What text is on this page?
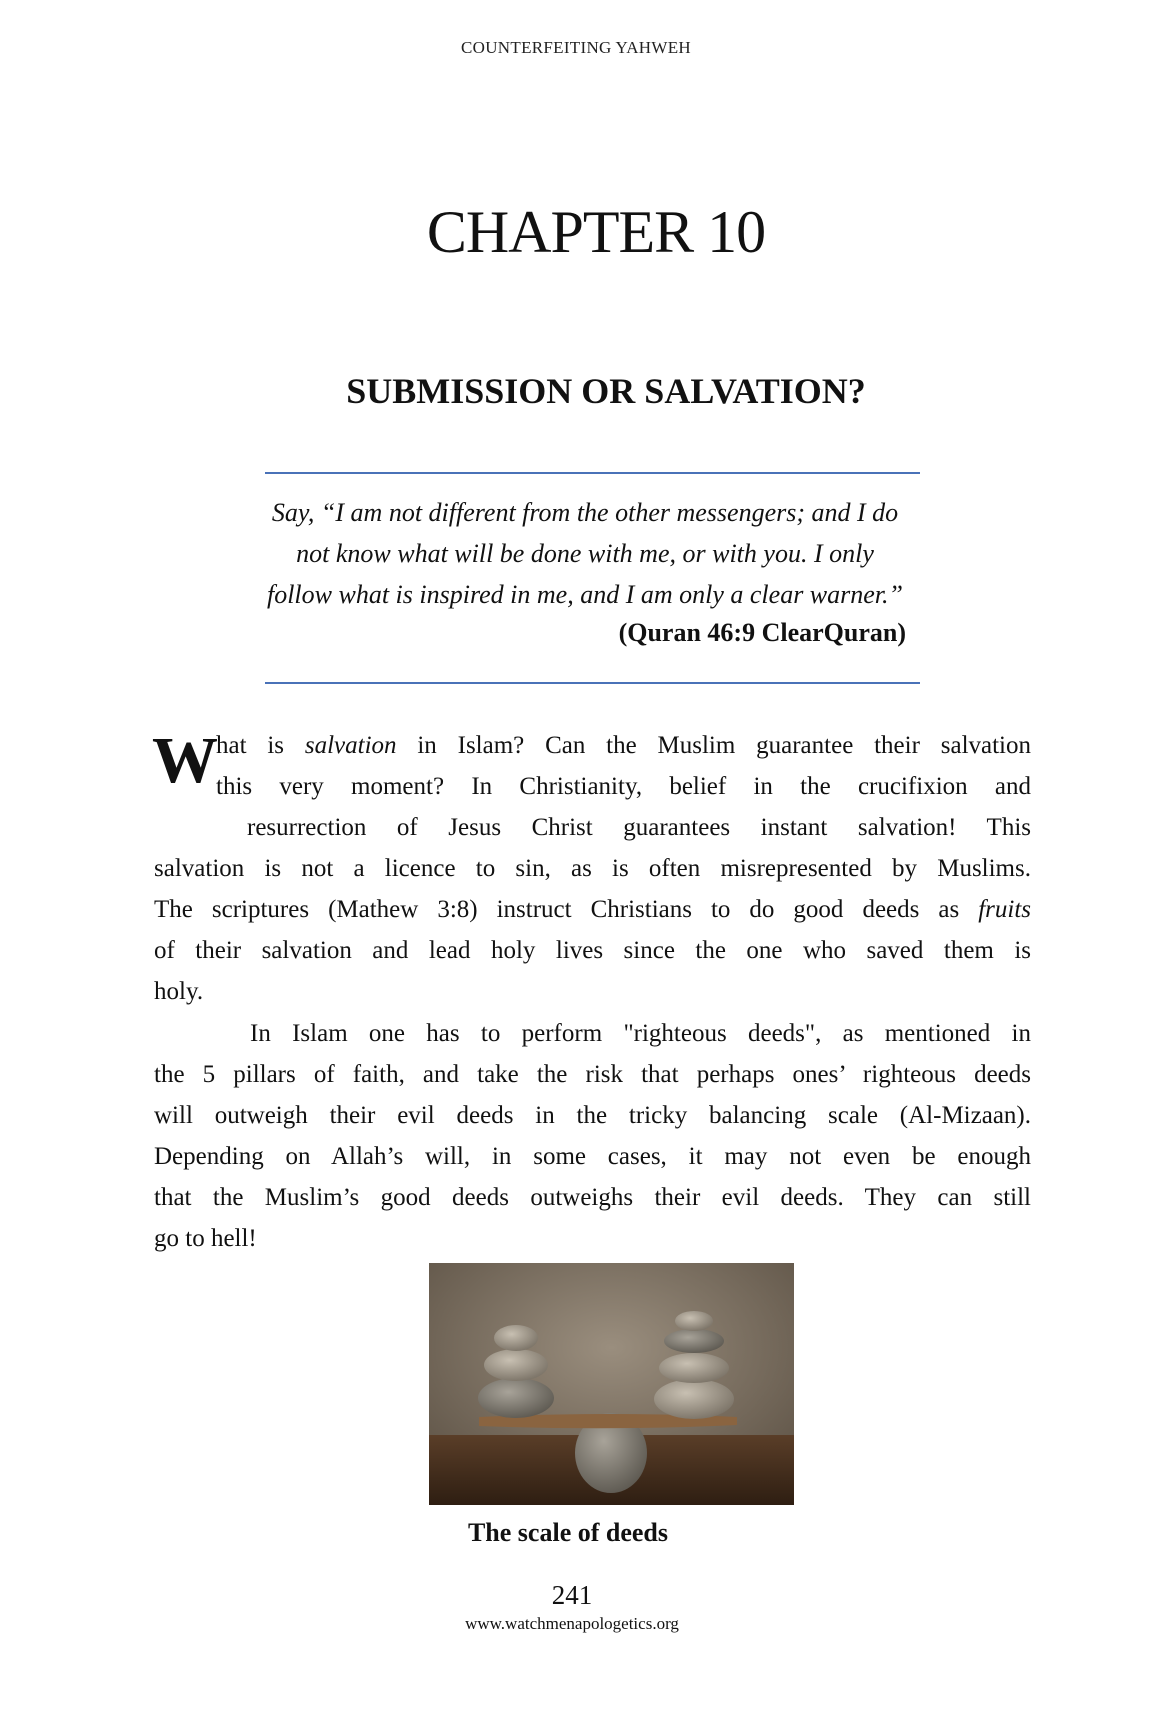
COUNTERFEITING YAHWEH
CHAPTER 10
SUBMISSION OR SALVATION?
Say, “I am not different from the other messengers; and I do
not know what will be done with me, or with you. I only
follow what is inspired in me, and I am only a clear warner.”
(Quran 46:9 ClearQuran)
W
hat is salvation in Islam? Can the Muslim guarantee their salvation
this very moment? In Christianity, belief in the crucifixion and
resurrection of Jesus Christ guarantees instant salvation! This
salvation is not a licence to sin, as is often misrepresented by Muslims.
The scriptures (Mathew 3:8) instruct Christians to do good deeds as fruits
of their salvation and lead holy lives since the one who saved them is
holy.
In Islam one has to perform "righteous deeds", as mentioned in
the 5 pillars of faith, and take the risk that perhaps ones’ righteous deeds
will outweigh their evil deeds in the tricky balancing scale (Al-Mizaan).
Depending on Allah’s will, in some cases, it may not even be enough
that the Muslim’s good deeds outweighs their evil deeds. They can still
go to hell!
The scale of deeds
241
www.watchmenapologetics.org
